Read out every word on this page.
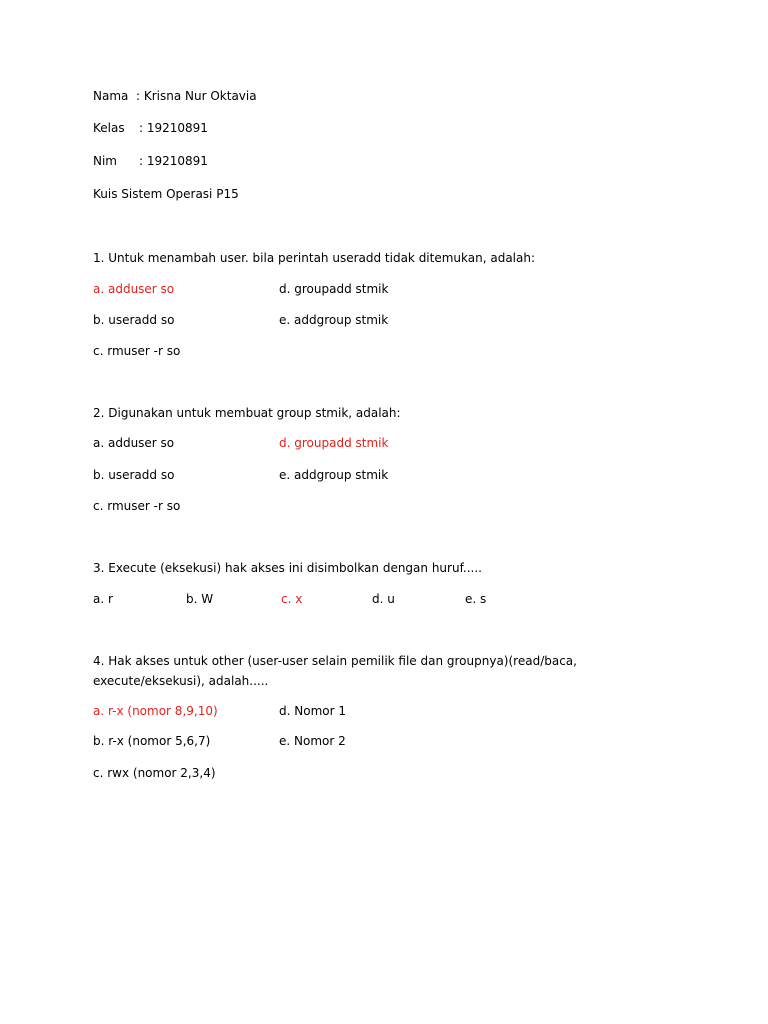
Nama : Krisna Nur Oktavia
Kelas : 19210891
Nim : 19210891
Kuis Sistem Operasi P15
1. Untuk menambah user. bila perintah useradd tidak ditemukan, adalah:
a. adduser so	d. groupadd stmik
b. useradd so	e. addgroup stmik
c. rmuser -r so
2. Digunakan untuk membuat group stmik, adalah:
a. adduser so	d. groupadd stmik
b. useradd so	e. addgroup stmik
c. rmuser -r so
3. Execute (eksekusi) hak akses ini disimbolkan dengan huruf.....
a. r	b. W	c. x	d. u	e. s
4. Hak akses untuk other (user-user selain pemilik file dan groupnya)(read/baca, execute/eksekusi), adalah.....
a. r-x (nomor 8,9,10)	d. Nomor 1
b. r-x (nomor 5,6,7)	e. Nomor 2
c. rwx (nomor 2,3,4)
